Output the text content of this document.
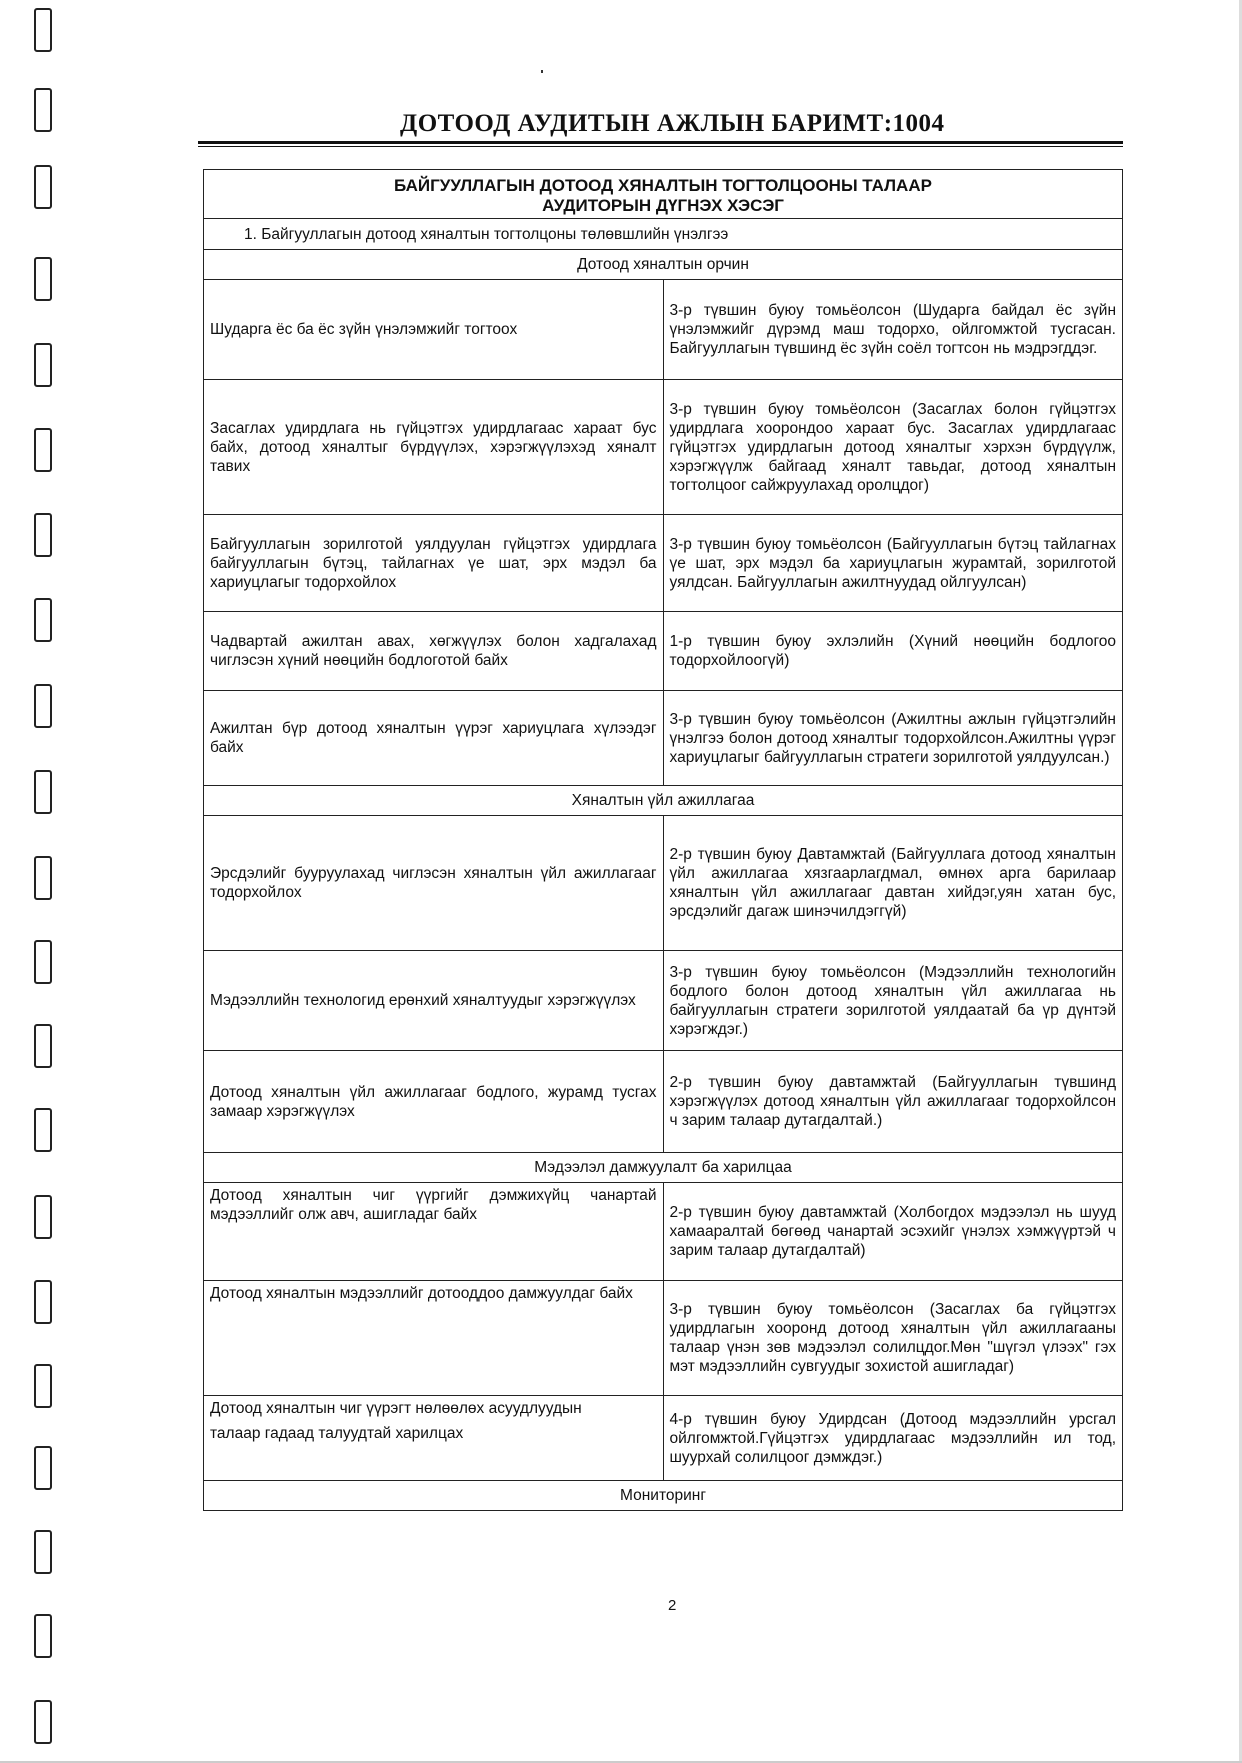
ДОТООД АУДИТЫН АЖЛЫН БАРИМТ:1004
БАЙГУУЛЛАГЫН ДОТООД ХЯНАЛТЫН ТОГТОЛЦООНЫ ТАЛААР
АУДИТОРЫН ДҮГНЭХ ХЭСЭГ	

1. Байгууллагын дотоод хяналтын тогтолцоны төлөвшлийн үнэлгээ	
Дотоод хяналтын орчин	
Шударга ёс ба ёс зүйн үнэлэмжийг тогтоох	3-р түвшин буюу томьёолсон (Шударга байдал ёс зүйн үнэлэмжийг дүрэмд маш тодорхо, ойлгомжтой тусгасан. Байгууллагын түвшинд ёс зүйн соёл тогтсон нь мэдрэгддэг.
Засаглах удирдлага нь гүйцэтгэх удирдлагаас хараат бус байх, дотоод хяналтыг бүрдүүлэх, хэрэгжүүлэхэд хяналт тавих	3-р түвшин буюу томьёолсон (Засаглах болон гүйцэтгэх удирдлага хоорондоо хараат бус. Засаглах удирдлагаас гүйцэтгэх удирдлагын дотоод хяналтыг хэрхэн бүрдүүлж, хэрэгжүүлж байгаад хяналт тавьдаг, дотоод хяналтын тогтолцоог сайжруулахад оролцдог)
Байгууллагын зорилготой уялдуулан гүйцэтгэх удирдлага байгууллагын бүтэц, тайлагнах үе шат, эрх мэдэл ба хариуцлагыг тодорхойлох	3-р түвшин буюу томьёолсон (Байгууллагын бүтэц тайлагнах үе шат, эрх мэдэл ба хариуцлагын журамтай, зорилготой уялдсан. Байгууллагын ажилтнуудад ойлгуулсан)
Чадвартай ажилтан авах, хөгжүүлэх болон хадгалахад чиглэсэн хүний нөөцийн бодлоготой байх	1-р түвшин буюу эхлэлийн (Хүний нөөцийн бодлогоо тодорхойлоогүй)
Ажилтан бүр дотоод хяналтын үүрэг хариуцлага хүлээдэг байх	3-р түвшин буюу томьёолсон (Ажилтны ажлын гүйцэтгэлийн үнэлгээ болон дотоод хяналтыг тодорхойлсон.Ажилтны үүрэг хариуцлагыг байгууллагын стратеги зорилготой уялдуулсан.)
Хяналтын үйл ажиллагаа	
Эрсдэлийг бууруулахад чиглэсэн хяналтын үйл ажиллагааг тодорхойлох	2-р түвшин буюу Давтамжтай (Байгууллага дотоод хяналтын үйл ажиллагаа хязгаарлагдмал, өмнөх арга барилаар хяналтын үйл ажиллагааг давтан хийдэг,уян хатан бус, эрсдэлийг дагаж шинэчилдэггүй)
Мэдээллийн технологид ерөнхий хяналтуудыг хэрэгжүүлэх	3-р түвшин буюу томьёолсон (Мэдээллийн технологийн бодлого болон дотоод хяналтын үйл ажиллагаа нь байгууллагын стратеги зорилготой уялдаатай ба үр дүнтэй хэрэгждэг.)
Дотоод хяналтын үйл ажиллагааг бодлого, журамд тусгах замаар хэрэгжүүлэх	2-р түвшин буюу давтамжтай (Байгууллагын түвшинд хэрэгжүүлэх дотоод хяналтын үйл ажиллагааг тодорхойлсон ч зарим талаар дутагдалтай.)
Мэдээлэл дамжуулалт ба харилцаа	
Дотоод хяналтын чиг үүргийг дэмжихүйц чанартай мэдээллийг олж авч, ашигладаг байх	2-р түвшин буюу давтамжтай (Холбогдох мэдээлэл нь шууд хамааралтай бөгөөд чанартай эсэхийг үнэлэх хэмжүүртэй ч зарим талаар дутагдалтай)
Дотоод хяналтын мэдээллийг дотооддоо дамжуулдаг байх	3-р түвшин буюу томьёолсон (Засаглах ба гүйцэтгэх удирдлагын хооронд дотоод хяналтын үйл ажиллагааны талаар үнэн зөв мэдээлэл солилцдог.Мөн "шүгэл үлээх" гэх мэт мэдээллийн сувгуудыг зохистой ашигладаг)

Дотоод хяналтын чиг үүрэгт нөлөөлөх асуудлуудын
талаар гадаад талуудтай харилцах	4-р түвшин буюу Удирдсан (Дотоод мэдээллийн урсгал ойлгомжтой.Гүйцэтгэх удирдлагаас мэдээллийн ил тод, шуурхай солилцоог дэмждэг.)
Мониторинг	
2
